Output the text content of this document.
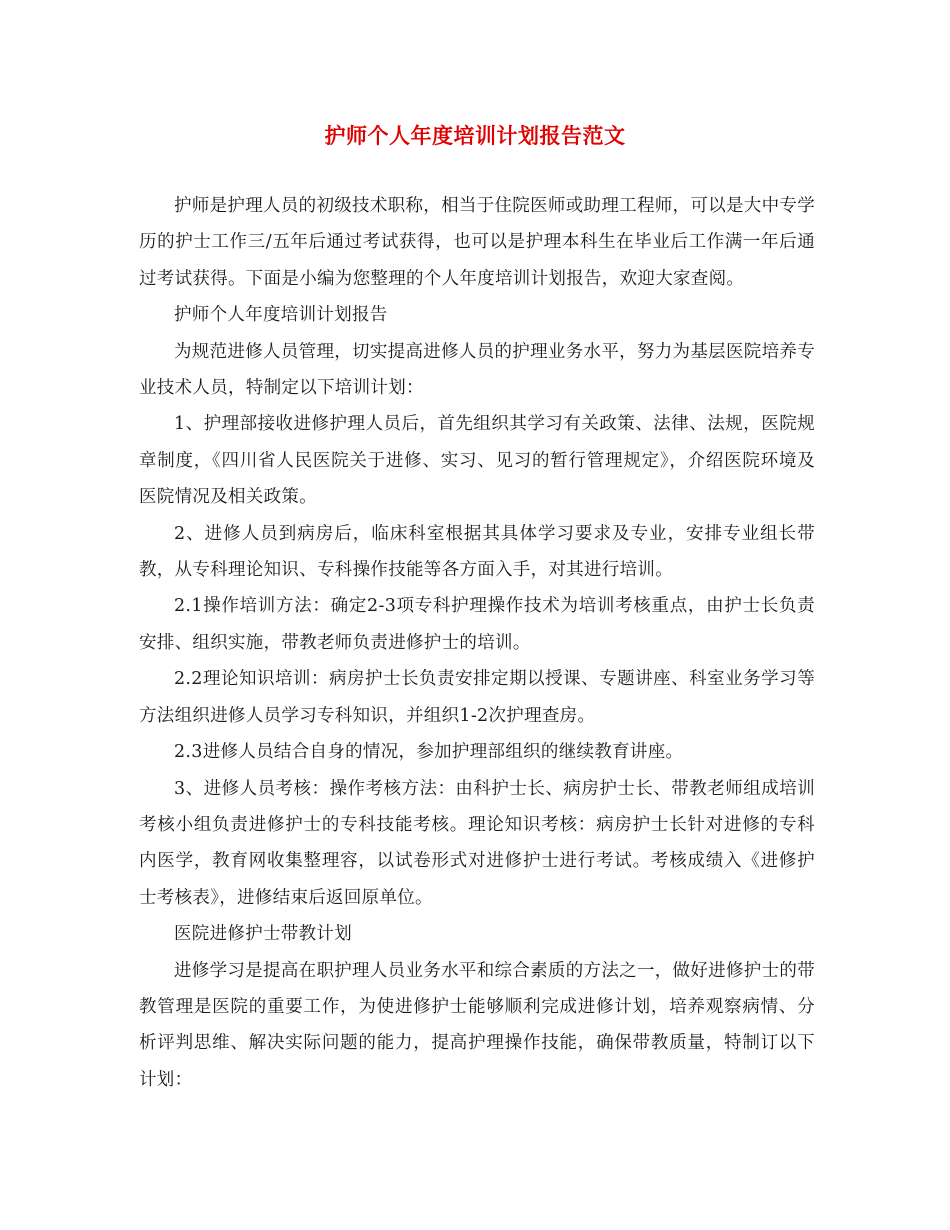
护师个人年度培训计划报告范文

护师是护理人员的初级技术职称，相当于住院医师或助理工程师，可以是大中专学历的护士工作三/五年后通过考试获得，也可以是护理本科生在毕业后工作满一年后通过考试获得。下面是小编为您整理的个人年度培训计划报告，欢迎大家查阅。

护师个人年度培训计划报告

为规范进修人员管理，切实提高进修人员的护理业务水平，努力为基层医院培养专业技术人员，特制定以下培训计划：

1、护理部接收进修护理人员后，首先组织其学习有关政策、法律、法规，医院规章制度，《四川省人民医院关于进修、实习、见习的暂行管理规定》，介绍医院环境及医院情况及相关政策。

2、进修人员到病房后，临床科室根据其具体学习要求及专业，安排专业组长带教，从专科理论知识、专科操作技能等各方面入手，对其进行培训。

2.1操作培训方法：确定2-3项专科护理操作技术为培训考核重点，由护士长负责安排、组织实施，带教老师负责进修护士的培训。

2.2理论知识培训：病房护士长负责安排定期以授课、专题讲座、科室业务学习等方法组织进修人员学习专科知识，并组织1-2次护理查房。

2.3进修人员结合自身的情况，参加护理部组织的继续教育讲座。

3、进修人员考核：操作考核方法：由科护士长、病房护士长、带教老师组成培训考核小组负责进修护士的专科技能考核。理论知识考核：病房护士长针对进修的专科内医学，教育网收集整理容，以试卷形式对进修护士进行考试。考核成绩入《进修护士考核表》，进修结束后返回原单位。

医院进修护士带教计划

进修学习是提高在职护理人员业务水平和综合素质的方法之一，做好进修护士的带教管理是医院的重要工作，为使进修护士能够顺利完成进修计划，培养观察病情、分析评判思维、解决实际问题的能力，提高护理操作技能，确保带教质量，特制订以下计划：
